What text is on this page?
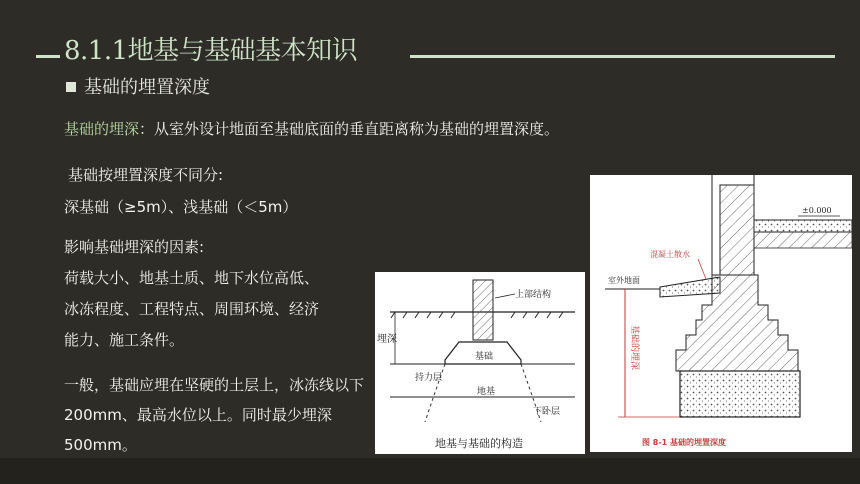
8.1.1地基与基础基本知识
基础的埋置深度
基础的埋深：从室外设计地面至基础底面的垂直距离称为基础的埋置深度。
基础按埋置深度不同分:
深基础（≥5m）、浅基础（＜5m）
影响基础埋深的因素:
荷载大小、地基土质、地下水位高低、
冰冻程度、工程特点、周围环境、经济
能力、施工条件。
一般，基础应埋在坚硬的土层上，冰冻线以下200mm、最高水位以上。同时最少埋深500mm。
上部结构
埋深
基础
持力层
地基
下卧层
地基与基础的构造
±0.000
混凝土散水
室外地面
基础的埋深
图 8-1 基础的埋置深度
